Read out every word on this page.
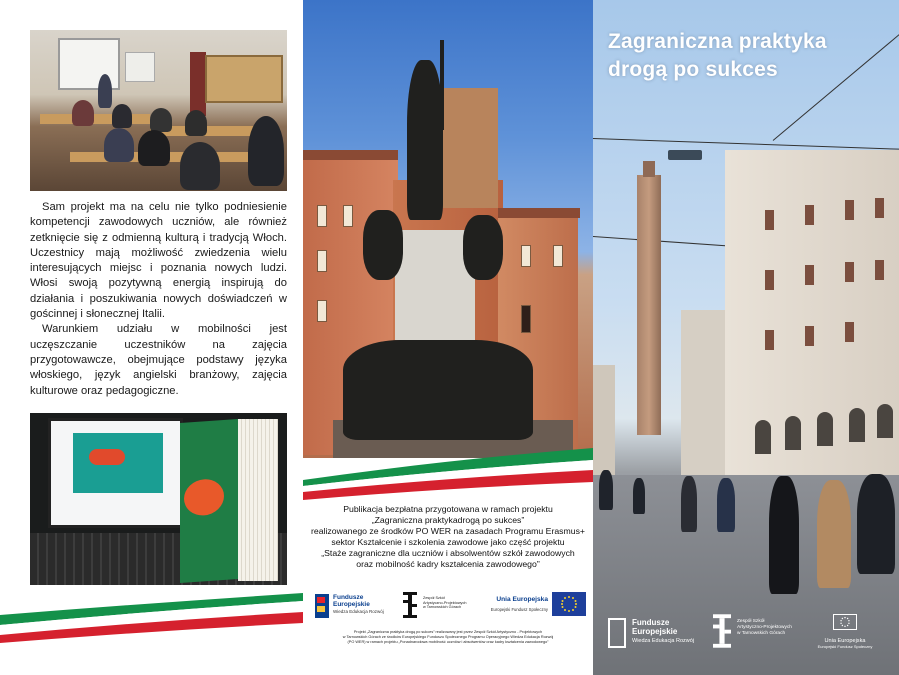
Sam projekt ma na celu nie tylko podniesienie kompetencji zawodowych uczniów, ale również zetknięcie się z odmienną kulturą i tradycją Włoch. Uczestnicy mają możliwość zwiedzenia wielu interesujących miejsc i poznania nowych ludzi. Włosi swoją pozytywną energią inspirują do działania i poszukiwania nowych doświadczeń w gościnnej i słonecznej Italii.

Warunkiem udziału w mobilności jest uczęszczanie uczestników na zajęcia przygotowawcze, obejmujące podstawy języka włoskiego, język angielski branżowy, zajęcia kulturowe oraz pedagogiczne.

Publikacja bezpłatna przygotowana w ramach projektu
„Zagraniczna praktykadrogą po sukces”
realizowanego ze środków PO WER na zasadach Programu Erasmus+
sektor Kształcenie i szkolenia zawodowe jako część projektu
„Staże zagraniczne dla uczniów i absolwentów szkół zawodowych
oraz mobilność kadry kształcenia zawodowego”
Fundusze
Europejskie
Wiedza Edukacja Rozwój
Zespół Szkół
Artystyczno-Projektowych
w Tarnowskich Górach
Unia Europejska
Europejski Fundusz Społeczny
Projekt „Zagraniczna praktyka drogą po sukces” realizowany jest przez Zespół Szkół Artystyczno - Projektowych
w Tarnowskich Górach ze środków Europejskiego Funduszu Społecznego Programu Operacyjnego Wiedza Edukacja Rozwój
(PO WER) w ramach projektu „Ponadnarodowa mobilność uczniów i absolwentów oraz kadry kształcenia zawodowego”
Zagraniczna praktyka
drogą po sukces
Fundusze
Europejskie
Wiedza Edukacja Rozwój
Zespół Szkół
Artystyczno-Projektowych
w Tarnowskich Górach
Unia Europejska
Europejski Fundusz Społeczny
